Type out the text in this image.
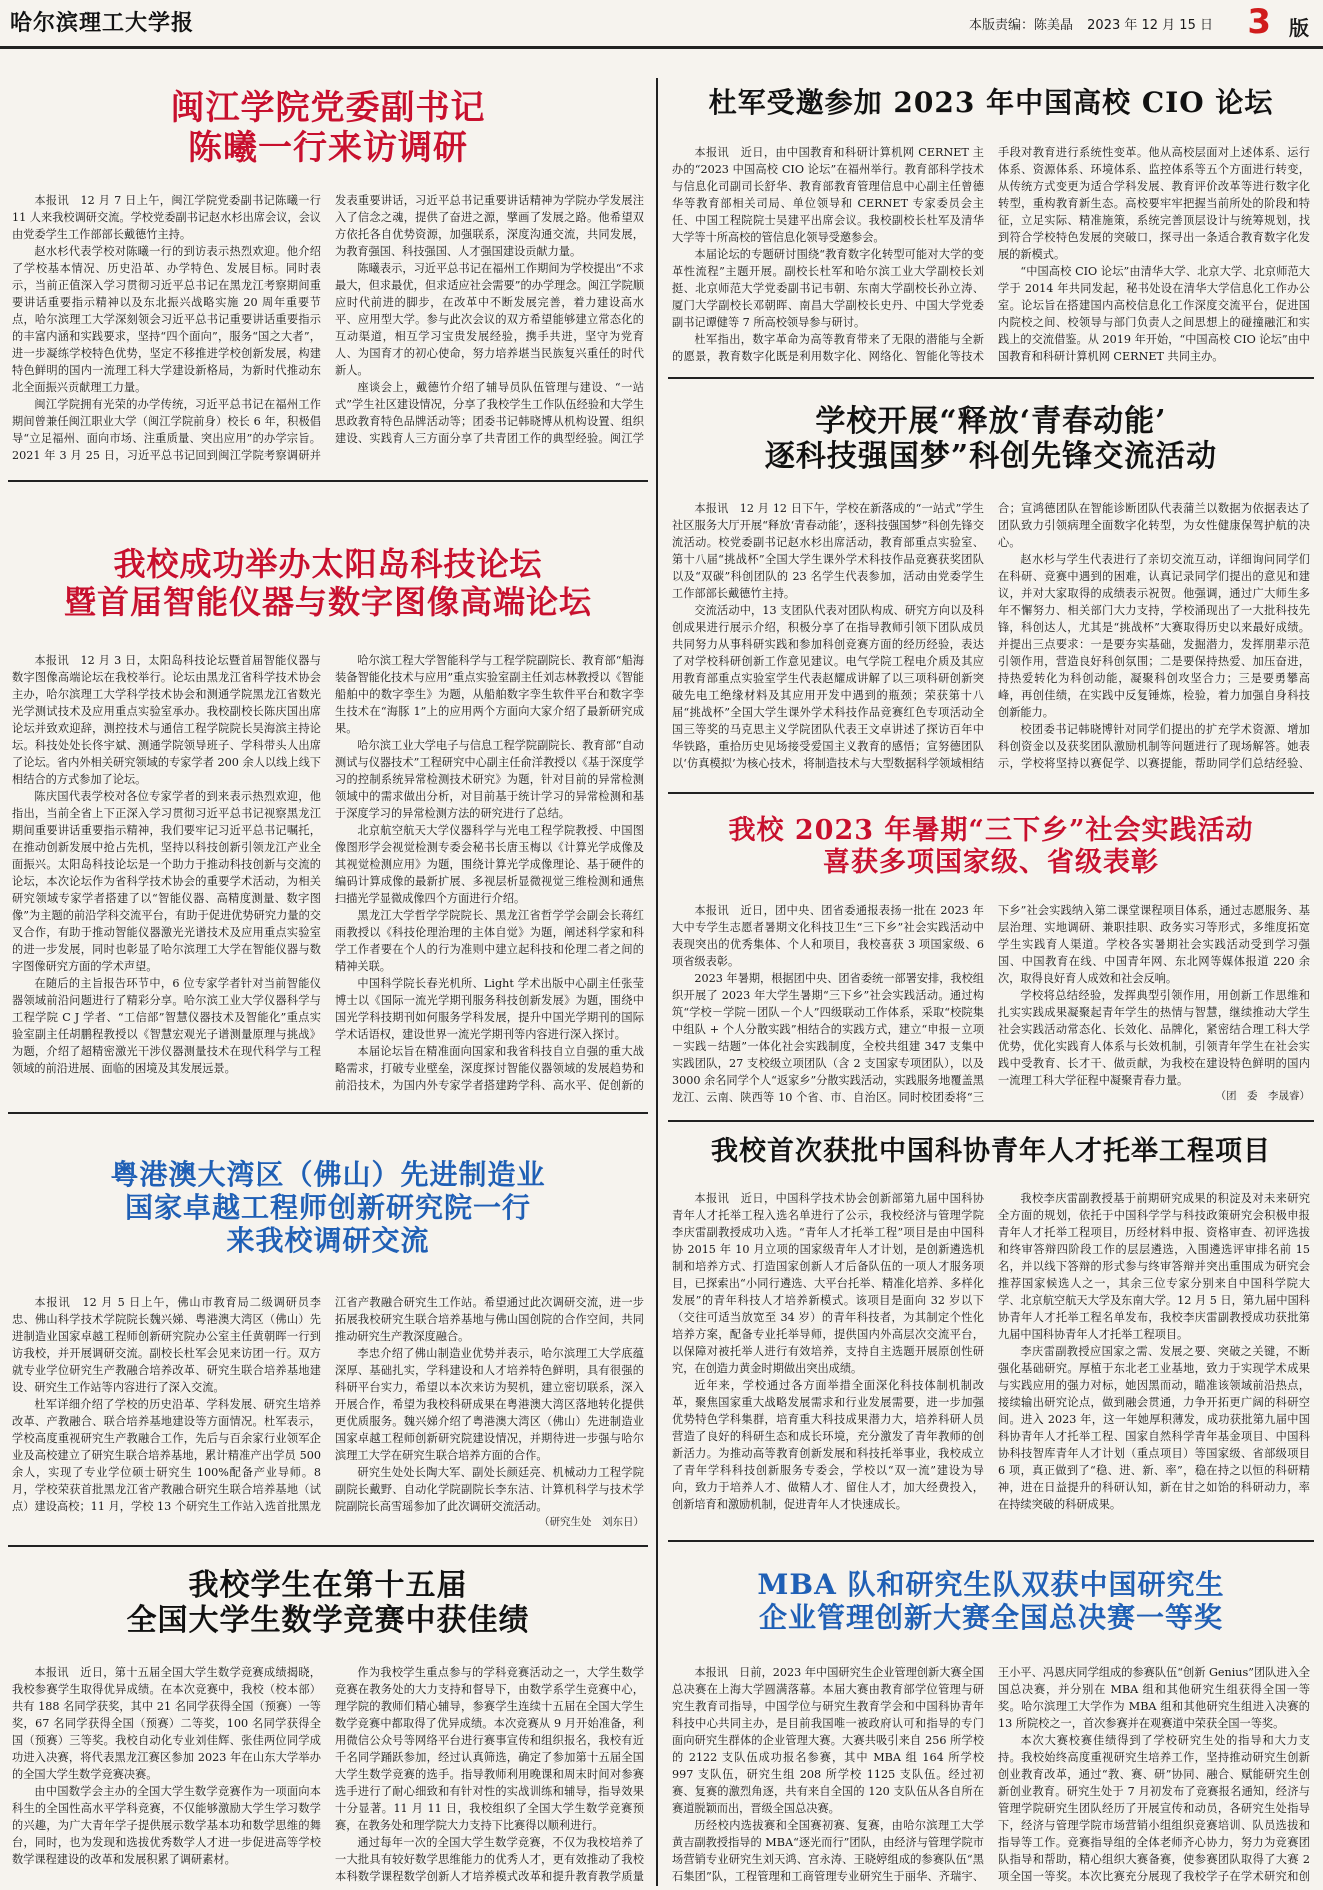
哈尔滨理工大学报	本版责编：陈美晶 2023 年 12 月 15 日 3 版
闽江学院党委副书记
陈曦一行来访调研

本报讯　12 月 7 日上午，闽江学院党委副书记陈曦一行 11 人来我校调研交流。学校党委副书记赵水杉出席会议，会议由党委学生工作部部长戴德竹主持。

赵水杉代表学校对陈曦一行的到访表示热烈欢迎。他介绍了学校基本情况、历史沿革、办学特色、发展目标。同时表示，当前正值深入学习贯彻习近平总书记在黑龙江考察期间重要讲话重要指示精神以及东北振兴战略实施 20 周年重要节点，哈尔滨理工大学深刻领会习近平总书记重要讲话重要指示的丰富内涵和实践要求，坚持“四个面向”，服务“国之大者”，进一步凝练学校特色优势，坚定不移推进学校创新发展，构建特色鲜明的国内一流理工科大学建设新格局，为新时代推动东北全面振兴贡献理工力量。

闽江学院拥有光荣的办学传统，习近平总书记在福州工作期间曾兼任闽江职业大学（闽江学院前身）校长 6 年，积极倡导“立足福州、面向市场、注重质量、突出应用”的办学宗旨。2021 年 3 月 25 日，习近平总书记回到闽江学院考察调研并发表重要讲话，习近平总书记重要讲话精神为学院办学发展注入了信念之魂，提供了奋进之源，擘画了发展之路。他希望双方依托各自优势资源，加强联系，深度沟通交流，共同发展，为教育强国、科技强国、人才强国建设贡献力量。

陈曦表示，习近平总书记在福州工作期间为学校提出“不求最大，但求最优，但求适应社会需要”的办学理念。闽江学院顺应时代前进的脚步，在改革中不断发展完善，着力建设高水平、应用型大学。参与此次会议的双方希望能够建立常态化的互动渠道，相互学习宝贵发展经验，携手共进，坚守为党育人、为国育才的初心使命，努力培养堪当民族复兴重任的时代新人。

座谈会上，戴德竹介绍了辅导员队伍管理与建设、“一站式”学生社区建设情况，分享了我校学生工作队伍经验和大学生思政教育特色品牌活动等；团委书记韩晓博从机构设置、组织建设、实践育人三方面分享了共青团工作的典型经验。闽江学

我校成功举办太阳岛科技论坛
暨首届智能仪器与数字图像高端论坛

本报讯　12 月 3 日，太阳岛科技论坛暨首届智能仪器与数字图像高端论坛在我校举行。论坛由黑龙江省科学技术协会主办，哈尔滨理工大学科学技术协会和测通学院黑龙江省数光光学测试技术及应用重点实验室承办。我校副校长陈庆国出席论坛并致欢迎辞，测控技术与通信工程学院院长吴海滨主持论坛。科技处处长佟宇斌、测通学院领导班子、学科带头人出席了论坛。省内外相关研究领域的专家学者 200 余人以线上线下相结合的方式参加了论坛。

陈庆国代表学校对各位专家学者的到来表示热烈欢迎，他指出，当前全省上下正深入学习贯彻习近平总书记视察黑龙江期间重要讲话重要指示精神，我们要牢记习近平总书记嘱托，在推动创新发展中抢占先机，坚持以科技创新引领龙江产业全面振兴。太阳岛科技论坛是一个助力于推动科技创新与交流的论坛，本次论坛作为省科学技术协会的重要学术活动，为相关研究领域专家学者搭建了以“智能仪器、高精度测量、数字图像”为主题的前沿学科交流平台，有助于促进优势研究力量的交叉合作，有助于推动智能仪器激光光谱技术及应用重点实验室的进一步发展，同时也彰显了哈尔滨理工大学在智能仪器与数字图像研究方面的学术声望。

在随后的主旨报告环节中，6 位专家学者针对当前智能仪器领域前沿问题进行了精彩分享。哈尔滨工业大学仪器科学与工程学院 C J 学者、“工信部”智慧仪器技术及智能化”重点实验室副主任胡鹏程教授以《智慧宏观光子谱测量原理与挑战》为题，介绍了超精密激光干涉仪器测量技术在现代科学与工程领域的前沿进展、面临的困境及其发展远景。

哈尔滨工程大学智能科学与工程学院副院长、教育部“船海装备智能化技术与应用”重点实验室副主任刘志林教授以《智能船舶中的数字孪生》为题，从船舶数字孪生软件平台和数字孪生技术在“海豚 1”上的应用两个方面向大家介绍了最新研究成果。

哈尔滨工业大学电子与信息工程学院副院长、教育部“自动测试与仪器技术”工程研究中心副主任俞洋教授以《基于深度学习的控制系统异常检测技术研究》为题，针对目前的异常检测领域中的需求做出分析，对目前基于统计学习的异常检测和基于深度学习的异常检测方法的研究进行了总结。

北京航空航天大学仪器科学与光电工程学院教授、中国图像图形学会视觉检测专委会秘书长唐玉梅以《计算光学成像及其视觉检测应用》为题，围绕计算光学成像理论、基于硬件的编码计算成像的最新扩展、多视层析显微视觉三维检测和通焦扫描光学显微成像四个方面进行介绍。

黑龙江大学哲学学院院长、黑龙江省哲学学会副会长蒋红雨教授以《科技伦理治理的主体自觉》为题，阐述科学家和科学工作者要在个人的行为准则中建立起科技和伦理二者之间的精神关联。

中国科学院长春光机所、Light 学术出版中心副主任张莹博士以《国际一流光学期刊服务科技创新发展》为题，围绕中国光学科技期刊如何服务学科发展，提升中国光学期刊的国际学术话语权，建设世界一流光学期刊等内容进行深入探讨。

本届论坛旨在精准面向国家和我省科技自立自强的重大战略需求，打破专业壁垒，深度探讨智能仪器领域的发展趋势和前沿技术，为国内外专家学者搭建跨学科、高水平、促创新的

粤港澳大湾区（佛山）先进制造业
国家卓越工程师创新研究院一行
来我校调研交流

本报讯　12 月 5 日上午，佛山市教育局二级调研员李忠、佛山科学技术学院院长魏兴娣、粤港澳大湾区（佛山）先进制造业国家卓越工程师创新研究院办公室主任黄朝晖一行到访我校，并开展调研交流。副校长杜军会见来访团一行。双方就专业学位研究生产教融合培养改革、研究生联合培养基地建设、研究生工作站等内容进行了深入交流。

杜军详细介绍了学校的历史沿革、学科发展、研究生培养改革、产教融合、联合培养基地建设等方面情况。杜军表示，学校高度重视研究生产教融合工作，先后与百余家行业领军企业及高校建立了研究生联合培养基地，累计精准产出学员 500 余人，实现了专业学位硕士研究生 100%配备产业导师。8 月，学校荣获首批黑龙江省产教融合研究生联合培养基地（试点）建设高校；11 月，学校 13 个研究生工作站入选首批黑龙江省产教融合研究生工作站。希望通过此次调研交流，进一步拓展我校研究生联合培养基地与佛山国创院的合作空间，共同推动研究生产教深度融合。

李忠介绍了佛山制造业优势并表示，哈尔滨理工大学底蕴深厚、基础扎实，学科建设和人才培养特色鲜明，具有很强的科研平台实力，希望以本次来访为契机，建立密切联系，深入开展合作，希望为我校科研成果在粤港澳大湾区落地转化提供更优质服务。魏兴娣介绍了粤港澳大湾区（佛山）先进制造业国家卓越工程师创新研究院建设情况，并期待进一步强与哈尔滨理工大学在研究生联合培养方面的合作。

研究生处处长陶大军、副处长颜廷亮、机械动力工程学院副院长戴野、自动化学院副院长李东洁、计算机科学与技术学院副院长高雪瑶参加了此次调研交流活动。

（研究生处　刘东日）

我校学生在第十五届
全国大学生数学竞赛中获佳绩

本报讯　近日，第十五届全国大学生数学竞赛成绩揭晓，我校参赛学生取得优异成绩。在本次竞赛中，我校（校本部）共有 188 名同学获奖，其中 21 名同学获得全国（预赛）一等奖，67 名同学获得全国（预赛）二等奖，100 名同学获得全国（预赛）三等奖。我校自动化专业刘佳辉、张佳两位同学成功进入决赛，将代表黑龙江赛区参加 2023 年在山东大学举办的全国大学生数学竞赛决赛。

由中国数学会主办的全国大学生数学竞赛作为一项面向本科生的全国性高水平学科竞赛，不仅能够激励大学生学习数学的兴趣，为广大青年学子提供展示数学基本功和数学思维的舞台，同时，也为发现和选拔优秀数学人才进一步促进高等学校数学课程建设的改革和发展积累了调研素材。

作为我校学生重点参与的学科竞赛活动之一，大学生数学竞赛在教务处的大力支持和督导下，由数学系学生竞赛中心，理学院的教师们精心辅导，参赛学生连续十五届在全国大学生数学竞赛中都取得了优异成绩。本次竞赛从 9 月开始准备，利用微信公众号等网络平台进行赛事宣传和组织报名，我校有近千名同学踊跃参加，经过认真筛选，确定了参加第十五届全国大学生数学竞赛的选手。指导教师利用晚课和周末时间对参赛选手进行了耐心细致和有针对性的实战训练和辅导，指导效果十分显著。11 月 11 日，我校组织了全国大学生数学竞赛预赛，在教务处和理学院大力支持下比赛得以顺利进行。

通过每年一次的全国大学生数学竞赛，不仅为我校培养了一大批具有较好数学思维能力的优秀人才，更有效推动了我校本科数学课程数学创新人才培养模式改革和提升教育教学质量

杜军受邀参加 2023 年中国高校 CIO 论坛

本报讯　近日，由中国教育和科研计算机网 CERNET 主办的“2023 中国高校 CIO 论坛”在福州举行。教育部科学技术与信息化司副司长舒华、教育部教育管理信息中心副主任曾德华等教育部相关司局、单位领导和 CERNET 专家委员会主任、中国工程院院士吴建平出席会议。我校副校长杜军及清华大学等十所高校的管信息化领导受邀参会。

本届论坛的专题研讨围绕“教育数字化转型可能对大学的变革性流程”主题开展。副校长杜军和哈尔滨工业大学副校长刘挺、北京师范大学党委副书记韦朝、东南大学副校长孙立涛、厦门大学副校长邓朝晖、南昌大学副校长史丹、中国大学党委副书记谭健等 7 所高校领导参与研讨。

杜军指出，数字革命为高等教育带来了无限的潜能与全新的愿景，教育数字化既是利用数字化、网络化、智能化等技术手段对教育进行系统性变革。他从高校层面对上述体系、运行体系、资源体系、环境体系、监控体系等五个方面进行转变，从传统方式变更为适合学科发展、教育评价改革等进行数字化转型，重构教育新生态。高校要牢牢把握当前所处的阶段和特征，立足实际、精准施策，系统完善顶层设计与统筹规划，找到符合学校特色发展的突破口，探寻出一条适合教育数字化发展的新模式。

“中国高校 CIO 论坛”由清华大学、北京大学、北京师范大学于 2014 年共同发起，秘书处设在清华大学信息化工作办公室。论坛旨在搭建国内高校信息化工作深度交流平台，促进国内院校之间、校领导与部门负责人之间思想上的碰撞融汇和实践上的交流借鉴。从 2019 年开始，“中国高校 CIO 论坛”由中国教育和科研计算机网 CERNET 共同主办。

学校开展“释放‘青春动能’
逐科技强国梦”科创先锋交流活动

本报讯　12 月 12 日下午，学校在新落成的“一站式”学生社区服务大厅开展“释放‘青春动能’，逐科技强国梦”科创先锋交流活动。校党委副书记赵水杉出席活动，教育部重点实验室、第十八届“挑战杯”全国大学生课外学术科技作品竞赛获奖团队以及“双碳”科创团队的 23 名学生代表参加，活动由党委学生工作部部长戴德竹主持。

交流活动中，13 支团队代表对团队构成、研究方向以及科创成果进行展示介绍，积极分享了在指导教师引领下团队成员共同努力从事科研实践和参加科创竞赛方面的经历经验，表达了对学校科研创新工作意见建议。电气学院工程电介质及其应用教育部重点实验室学生代表赵耀成讲解了以三项科研创新突破先电工绝缘材料及其应用开发中遇到的瓶颈；荣获第十八届“挑战杯”全国大学生课外学术科技作品竞赛红色专项活动全国三等奖的马克思主义学院团队代表王文卓讲述了探访百年中华铁路，重拾历史见场接受爱国主义教育的感悟；宣努德团队以‘仿真模拟’为核心技术，将制造技术与大型数据科学领域相结合；宣鸿德团队在智能诊断团队代表蒲兰以数据为依据表达了团队致力引领病理全面数字化转型，为女性健康保驾护航的决心。

赵水杉与学生代表进行了亲切交流互动，详细询问同学们在科研、竞赛中遇到的困难，认真记录同学们提出的意见和建议，并对大家取得的成绩表示祝贺。他强调，通过广大师生多年不懈努力、相关部门大力支持，学校涌现出了一大批科技先锋，科创达人，尤其是“挑战杯”大赛取得历史以来最好成绩。并提出三点要求：一是要夯实基础，发掘潜力，发挥朋辈示范引领作用，营造良好科创氛围；二是要保持热爱、加压奋进，持热爱转化为科创动能，凝聚科创攻坚合力；三是要勇攀高峰，再创佳绩，在实践中反复锤炼，检验，着力加强自身科技创新能力。

校团委书记韩晓博针对同学们提出的扩充学术资源、增加科创资金以及获奖团队激励机制等问题进行了现场解答。她表示，学校将坚持以赛促学、以赛提能，帮助同学们总结经验、

我校 2023 年暑期“三下乡”社会实践活动
喜获多项国家级、省级表彰

本报讯　近日，团中央、团省委通报表扬一批在 2023 年大中专学生志愿者暑期文化科技卫生“三下乡”社会实践活动中表现突出的优秀集体、个人和项目，我校喜获 3 项国家级、6 项省级表彰。

2023 年暑期，根据团中央、团省委统一部署安排，我校组织开展了 2023 年大学生暑期“三下乡”社会实践活动。通过构筑“学校－学院－团队－个人”四级联动工作体系，采取“校院集中组队 + 个人分散实践”相结合的实践方式，建立“申报－立项－实践－结题”一体化社会实践制度，全校共组建 347 支集中实践团队，27 支校级立项团队（含 2 支国家专项团队），以及 3000 余名同学个人“返家乡”分散实践活动，实践服务地覆盖黑龙江、云南、陕西等 10 个省、市、自治区。同时校团委将“三下乡”社会实践纳入第二课堂课程项目体系，通过志愿服务、基层治理、实地调研、兼职挂职、政务实习等形式，多维度拓宽学生实践育人渠道。学校各实暑期社会实践活动受到学习强国、中国教育在线、中国青年网、东北网等媒体报道 220 余次，取得良好育人成效和社会反响。

学校将总结经验，发挥典型引领作用，用创新工作思维和扎实实践成果凝聚起青年学生的热情与智慧，继续推动大学生社会实践活动常态化、长效化、品牌化，紧密结合理工科大学优势，优化实践育人体系与长效机制，引领青年学生在社会实践中受教育、长才干、做贡献，为我校在建设特色鲜明的国内一流理工科大学征程中凝聚青春力量。

（团　委　李晟睿）

我校首次获批中国科协青年人才托举工程项目

本报讯　近日，中国科学技术协会创新部第九届中国科协青年人才托举工程入选名单进行了公示，我校经济与管理学院李庆雷副教授成功入选。“青年人才托举工程”项目是由中国科协 2015 年 10 月立项的国家级青年人才计划，是创新遴选机制和培养方式、打造国家创新人才后备队伍的一项人才服务项目，已探索出“小同行遴选、大平台托举、精准化培养、多样化发展”的青年科技人才培养新模式。该项目是面向 32 岁以下（交往可适当放宽至 34 岁）的青年科技者，为其制定个性化培养方案，配备专业托举导师，提供国内外高层次交流平台，以保障对被托举人进行有效培养，支持自主选题开展原创性研究，在创造力黄金时期做出突出成绩。

近年来，学校通过各方面举措全面深化科技体制机制改革，聚焦国家重大战略发展需求和行业发展需要，进一步加强优势特色学科集群，培育重大科技成果潜力大，培养科研人员营造了良好的科研生态和成长环境，充分激发了青年教师的创新活力。为推动高等教育创新发展和科技托举事业，我校成立了青年学科科技创新服务专委会，学校以“双一流”建设为导向，致力于培养人才、做精人才、留住人才，加大经费投入，创新培育和激励机制，促进青年人才快速成长。

我校李庆雷副教授基于前期研究成果的积淀及对未来研究全方面的规划，依托于中国科学学与科技政策研究会积极申报青年人才托举工程项目，历经材料申报、资格审查、初评选拔和终审答辩四阶段工作的层层遴选，入围遴选评审排名前 15 名，并以线下答辩的形式参与终审答辩并突出重围成为研究会推荐国家候选人之一，其余三位专家分别来自中国科学院大学、北京航空航天大学及东南大学。12 月 5 日，第九届中国科协青年人才托举工程名单发布，我校李庆雷副教授成功获批第九届中国科协青年人才托举工程项目。

李庆雷副教授应国家之需、发展之要、突破之关键，不断强化基础研究。厚植于东北老工业基地，致力于实现学术成果与实践应用的强力对标，她因黑而动，瞄准该领域前沿热点，接续输出研究论点，做到融会贯通，力争开拓更广阔的科研空间。进入 2023 年，这一年她厚积薄发，成功获批第九届中国科协青年人才托举工程、国家自然科学青年基金项目、中国科协科技智库青年人才计划（重点项目）等国家级、省部级项目 6 项，真正做到了“稳、进、新、率”，稳在持之以恒的科研精神，进在日益提升的科研认知，新在甘之如饴的科研动力，率在持续突破的科研成果。

MBA 队和研究生队双获中国研究生
企业管理创新大赛全国总决赛一等奖

本报讯　日前，2023 年中国研究生企业管理创新大赛全国总决赛在上海大学圆满落幕。本届大赛由教育部学位管理与研究生教育司指导，中国学位与研究生教育学会和中国科协青年科技中心共同主办，是目前我国唯一被政府认可和指导的专门面向研究生群体的企业管理大赛。大赛共吸引来自 256 所学校的 2122 支队伍成功报名参赛，其中 MBA 组 164 所学校 997 支队伍，研究生组 208 所学校 1125 支队伍。经过初赛、复赛的激烈角逐，共有来自全国的 120 支队伍从各自所在赛道脱颖而出，晋级全国总决赛。

历经校内选拔赛和全国赛初赛、复赛，由哈尔滨理工大学黄吉副教授指导的 MBA“逐光而行”团队，由经济与管理学院市场营销专业研究生刘天鸿、宫永涛、王晓婷组成的参赛队伍“黑石集团”队，工程管理和工商管理专业研究生于丽华、齐瑞宇、王小平、冯恩庆同学组成的参赛队伍“创新 Genius”团队进入全国总决赛，并分别在 MBA 组和其他研究生组获得全国一等奖。哈尔滨理工大学作为 MBA 组和其他研究生组进入决赛的 13 所院校之一，首次参赛并在观赛道中荣获全国一等奖。

本次大赛校赛佳绩得到了学校研究生处的指导和大力支持。我校始终高度重视研究生培养工作，坚持推动研究生创新创业教育改革，通过“教、赛、研”协同、融合、赋能研究生创新创业教育。研究生处于 7 月初发布了竞赛报名通知，经济与管理学院研究生团队经历了开展宣传和动员，各研究生处指导下，经济与管理学院市场营销小组组织竞赛培训、队员选拔和指导等工作。竞赛指导组的全体老师齐心协力，努力为竞赛团队指导和帮助，精心组织大赛备赛，使参赛团队取得了大赛 2 项全国一等奖。本次比赛充分展现了我校学子在学术研究和创
